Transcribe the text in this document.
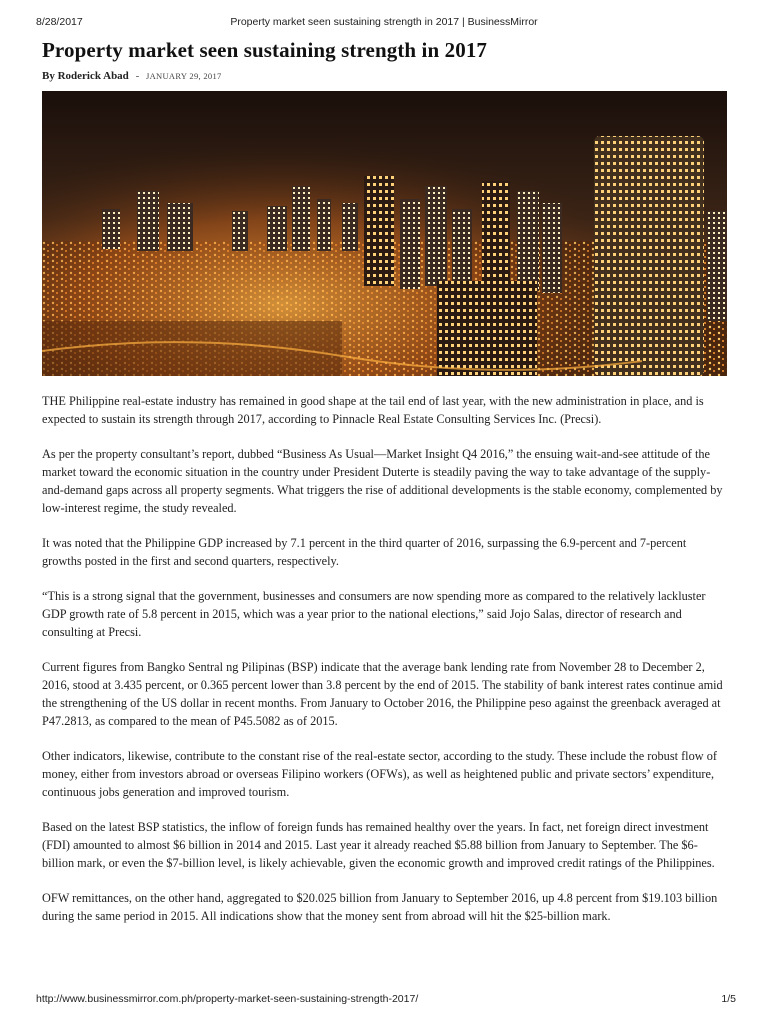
8/28/2017	Property market seen sustaining strength in 2017 | BusinessMirror
Property market seen sustaining strength in 2017
By Roderick Abad - JANUARY 29, 2017

THE Philippine real-estate industry has remained in good shape at the tail end of last year, with the new administration in place, and is expected to sustain its strength through 2017, according to Pinnacle Real Estate Consulting Services Inc. (Precsi).

As per the property consultant’s report, dubbed “Business As Usual—Market Insight Q4 2016,” the ensuing wait-and-see attitude of the market toward the economic situation in the country under President Duterte is steadily paving the way to take advantage of the supply-and-demand gaps across all property segments. What triggers the rise of additional developments is the stable economy, complemented by low-interest regime, the study revealed.

It was noted that the Philippine GDP increased by 7.1 percent in the third quarter of 2016, surpassing the 6.9-percent and 7-percent growths posted in the first and second quarters, respectively.

“This is a strong signal that the government, businesses and consumers are now spending more as compared to the relatively lackluster GDP growth rate of 5.8 percent in 2015, which was a year prior to the national elections,” said Jojo Salas, director of research and consulting at Precsi.

Current figures from Bangko Sentral ng Pilipinas (BSP) indicate that the average bank lending rate from November 28 to December 2, 2016, stood at 3.435 percent, or 0.365 percent lower than 3.8 percent by the end of 2015. The stability of bank interest rates continue amid the strengthening of the US dollar in recent months. From January to October 2016, the Philippine peso against the greenback averaged at P47.2813, as compared to the mean of P45.5082 as of 2015.

Other indicators, likewise, contribute to the constant rise of the real-estate sector, according to the study. These include the robust flow of money, either from investors abroad or overseas Filipino workers (OFWs), as well as heightened public and private sectors’ expenditure, continuous jobs generation and improved tourism.

Based on the latest BSP statistics, the inflow of foreign funds has remained healthy over the years. In fact, net foreign direct investment (FDI) amounted to almost $6 billion in 2014 and 2015. Last year it already reached $5.88 billion from January to September. The $6-billion mark, or even the $7-billion level, is likely achievable, given the economic growth and improved credit ratings of the Philippines.

OFW remittances, on the other hand, aggregated to $20.025 billion from January to September 2016, up 4.8 percent from $19.103 billion during the same period in 2015. All indications show that the money sent from abroad will hit the $25-billion mark.

http://www.businessmirror.com.ph/property-market-seen-sustaining-strength-2017/	1/5
